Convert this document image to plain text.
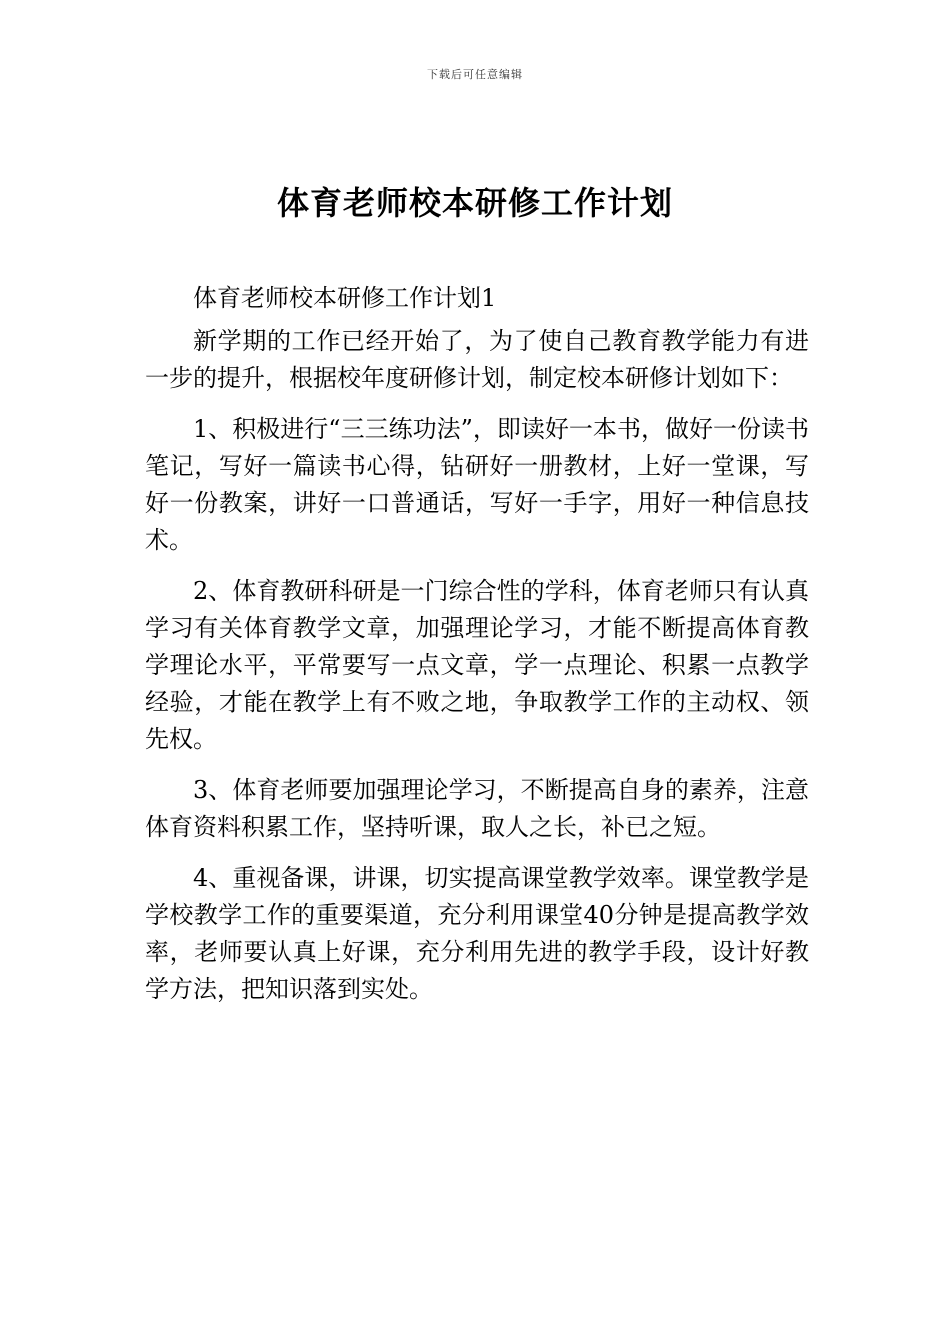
下载后可任意编辑
体育老师校本研修工作计划

体育老师校本研修工作计划1

新学期的工作已经开始了，为了使自己教育教学能力有进一步的提升，根据校年度研修计划，制定校本研修计划如下：

1、积极进行“三三练功法”，即读好一本书，做好一份读书笔记，写好一篇读书心得，钻研好一册教材，上好一堂课，写好一份教案，讲好一口普通话，写好一手字，用好一种信息技术。

2、体育教研科研是一门综合性的学科，体育老师只有认真学习有关体育教学文章，加强理论学习，才能不断提高体育教学理论水平，平常要写一点文章，学一点理论、积累一点教学经验，才能在教学上有不败之地，争取教学工作的主动权、领先权。

3、体育老师要加强理论学习，不断提高自身的素养，注意体育资料积累工作，坚持听课，取人之长，补已之短。

4、重视备课，讲课，切实提高课堂教学效率。课堂教学是学校教学工作的重要渠道，充分利用课堂40分钟是提高教学效率，老师要认真上好课，充分利用先进的教学手段，设计好教学方法，把知识落到实处。
